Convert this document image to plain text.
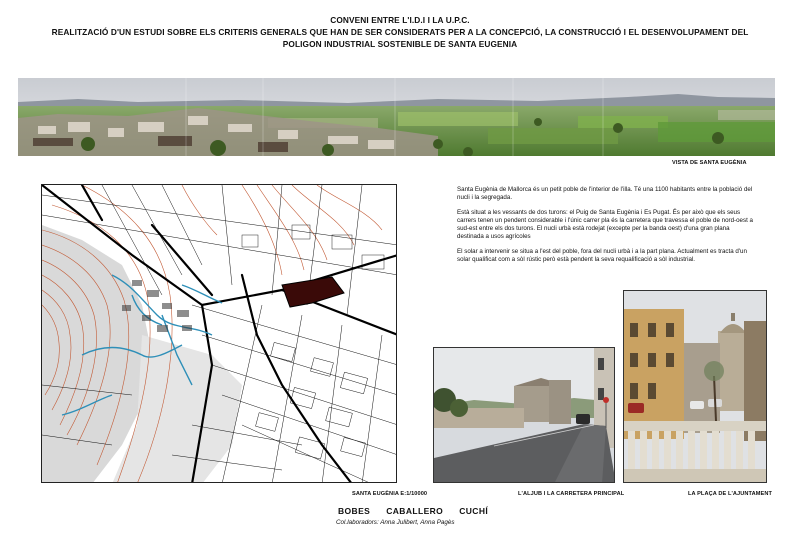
CONVENI ENTRE L'I.D.I I LA U.P.C.
REALITZACIÓ D'UN ESTUDI SOBRE ELS CRITERIS GENERALS QUE HAN DE SER CONSIDERATS PER A LA CONCEPCIÓ, LA CONSTRUCCIÓ I EL DESENVOLUPAMENT DEL
POLIGON INDUSTRIAL SOSTENIBLE DE SANTA EUGENIA
VISTA DE SANTA EUGÈNIA
SANTA EUGÈNIA E:1/10000

Santa Eugènia de Mallorca és un petit poble de l'interior de l'illa. Té una 1100 habitants entre la població del nucli i la segregada.

Està situat a les vessants de dos turons: el Puig de Santa Eugènia i Es Pugat. És per això que els seus carrers tenen un pendent considerable i l'únic carrer pla és la carretera que travessa el poble de nord-oest a sud-est entre els dos turons. El nucli urbà està rodejat (excepte per la banda oest) d'una gran plana destinada a usos agrícoles

El solar a intervenir se situa a l'est del poble, fora del nucli urbà i a la part plana. Actualment es tracta d'un solar qualificat com a sòl rústic però està pendent la seva requalificació a sòl industrial.

L'ALJUB I LA CARRETERA PRINCIPAL	LA PLAÇA DE L'AJUNTAMENT
BOBES CABALLERO CUCHÍ
Col.laboradors: Anna Julibert, Anna Pagès
